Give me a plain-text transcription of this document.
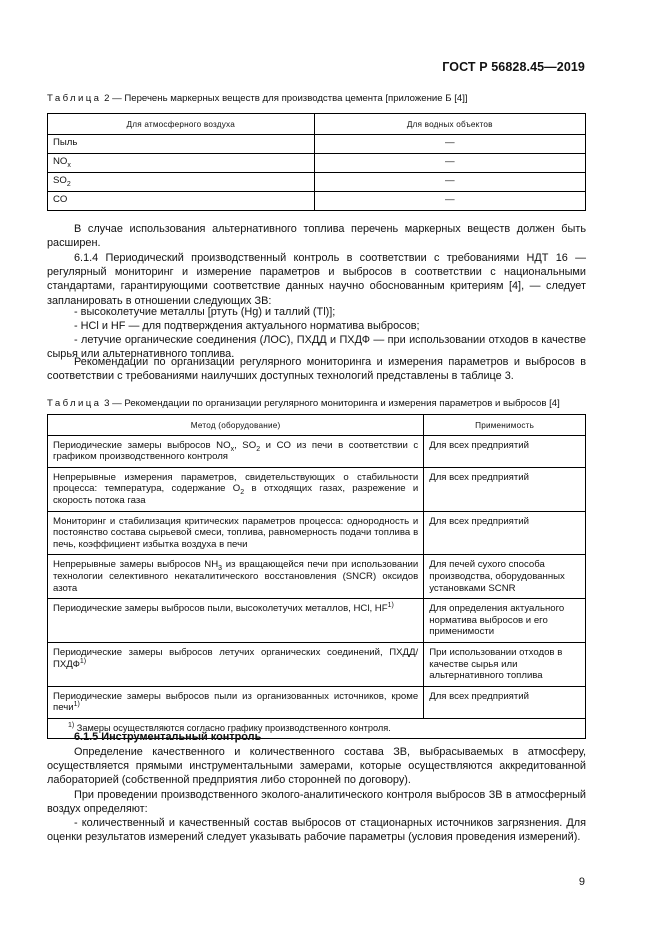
ГОСТ Р 56828.45—2019
Таблица 2 — Перечень маркерных веществ для производства цемента [приложение Б [4]]
Для атмосферного воздуха	Для водных объектов
Пыль	—
$NO_x$	—
$SO_2$	—
CO	—
В случае использования альтернативного топлива перечень маркерных веществ должен быть расширен.
6.1.4 Периодический производственный контроль в соответствии с требованиями НДТ 16 — регулярный мониторинг и измерение параметров и выбросов в соответствии с национальными стандартами, гарантирующими соответствие данных научно обоснованным критериям [4], — следует запланировать в отношении следующих ЗВ:
- высоколетучие металлы [ртуть (Hg) и таллий (Tl)];
- HCl и HF — для подтверждения актуального норматива выбросов;
- летучие органические соединения (ЛОС), ПХДД и ПХДФ — при использовании отходов в качестве сырья или альтернативного топлива.
Рекомендации по организации регулярного мониторинга и измерения параметров и выбросов в соответствии с требованиями наилучших доступных технологий представлены в таблице 3.
Таблица 3 — Рекомендации по организации регулярного мониторинга и измерения параметров и выбросов [4]
Метод (оборудование)	Применимость
Периодические замеры выбросов $NO_x$, $SO_2$ и CO из печи в соответствии с графиком производственного контроля	Для всех предприятий
Непрерывные измерения параметров, свидетельствующих о стабильности процесса: температура, содержание $O_2$ в отходящих газах, разрежение и скорость потока газа	Для всех предприятий
Мониторинг и стабилизация критических параметров процесса: однородность и постоянство состава сырьевой смеси, топлива, равномерность подачи топлива в печь, коэффициент избытка воздуха в печи	Для всех предприятий
Непрерывные замеры выбросов $NH_3$ из вращающейся печи при использовании технологии селективного некаталитического восстановления (SNCR) оксидов азота	Для печей сухого способа производства, оборудованных установками SCNR
Периодические замеры выбросов пыли, высоколетучих металлов, HCl, HF$^{1)}$	Для определения актуального норматива выбросов и его применимости
Периодические замеры выбросов летучих органических соединений, ПХДД/ПХДФ$^{1)}$	При использовании отходов в качестве сырья или альтернативного топлива
Периодические замеры выбросов пыли из организованных источников, кроме печи$^{1)}$	Для всех предприятий
$^{1)}$ Замеры осуществляются согласно графику производственного контроля.	
6.1.5 Инструментальный контроль
Определение качественного и количественного состава ЗВ, выбрасываемых в атмосферу, осуществляется прямыми инструментальными замерами, которые осуществляются аккредитованной лабораторией (собственной предприятия либо сторонней по договору).
При проведении производственного эколого-аналитического контроля выбросов ЗВ в атмосферный воздух определяют:
- количественный и качественный состав выбросов от стационарных источников загрязнения. Для оценки результатов измерений следует указывать рабочие параметры (условия проведения измерений).
9
